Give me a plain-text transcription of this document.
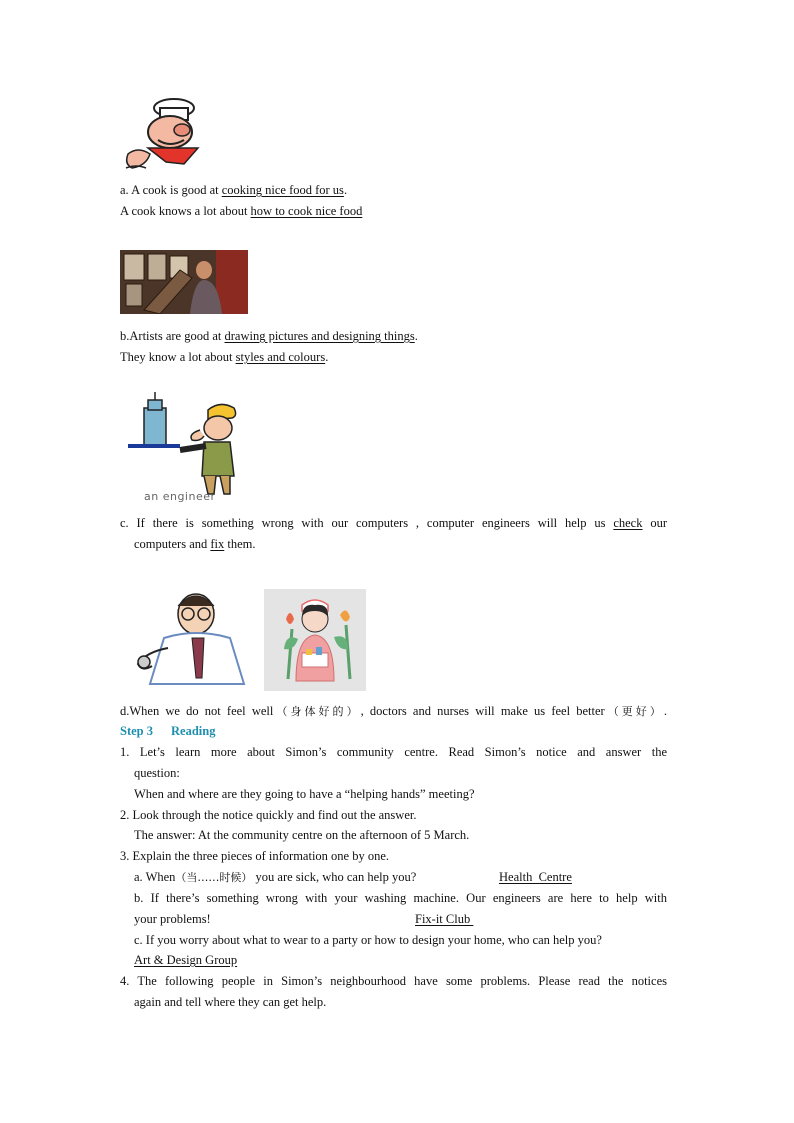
a. A cook is good at cooking nice food for us.
A cook knows a lot about how to cook nice food
b.Artists are good at drawing pictures and designing things.
They know a lot about styles and colours.
an engineer
c. If there is something wrong with our computers , computer engineers will help us check our
computers and fix them.
d.When we do not feel well（身体好的）, doctors and nurses will make us feel better（更好）.
Step 3 Reading
1. Let’s learn more about Simon’s community centre. Read Simon’s notice and answer the
question:
When and where are they going to have a “helping hands” meeting?
2. Look through the notice quickly and find out the answer.
The answer: At the community centre on the afternoon of 5 March.
3. Explain the three pieces of information one by one.
a. When（当……时候） you are sick, who can help you?	Health  Centre
b. If there’s something wrong with your washing machine. Our engineers are here to help with
your problems!	Fix-it Club
c. If you worry about what to wear to a party or how to design your home, who can help you?
Art & Design Group
4. The following people in Simon’s neighbourhood have some problems. Please read the notices
again and tell where they can get help.
